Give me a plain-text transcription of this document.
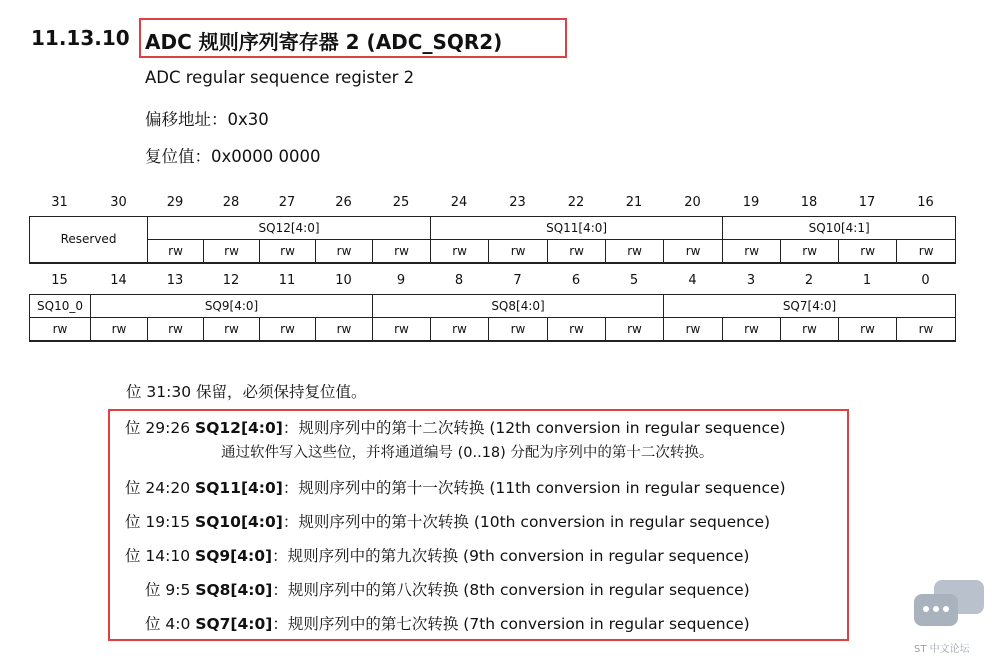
11.13.10 ADC 规则序列寄存器 2 (ADC_SQR2)
ADC regular sequence register 2
偏移地址：0x30
复位值：0x0000 0000
31	30	29	28	27	26	25	24	23	22	21	20	19	18	17	16
Reserved	SQ12[4:0]					SQ11[4:0]					SQ10[4:1]			
	rw	rw	rw	rw	rw	rw	rw	rw	rw	rw	rw	rw	rw	rw
15	14	13	12	11	10	9	8	7	6	5	4	3	2	1	0
SQ10_0	SQ9[4:0]					SQ8[4:0]					SQ7[4:0]				
rw	rw	rw	rw	rw	rw	rw	rw	rw	rw	rw	rw	rw	rw	rw	rw
位 31:30 保留，必须保持复位值。
位 29:26 SQ12[4:0]：规则序列中的第十二次转换 (12th conversion in regular sequence)
通过软件写入这些位，并将通道编号 (0..18) 分配为序列中的第十二次转换。
位 24:20 SQ11[4:0]：规则序列中的第十一次转换 (11th conversion in regular sequence)
位 19:15 SQ10[4:0]：规则序列中的第十次转换 (10th conversion in regular sequence)
位 14:10 SQ9[4:0]：规则序列中的第九次转换 (9th conversion in regular sequence)
位 9:5 SQ8[4:0]：规则序列中的第八次转换 (8th conversion in regular sequence)
位 4:0 SQ7[4:0]：规则序列中的第七次转换 (7th conversion in regular sequence)
ST 中文论坛
